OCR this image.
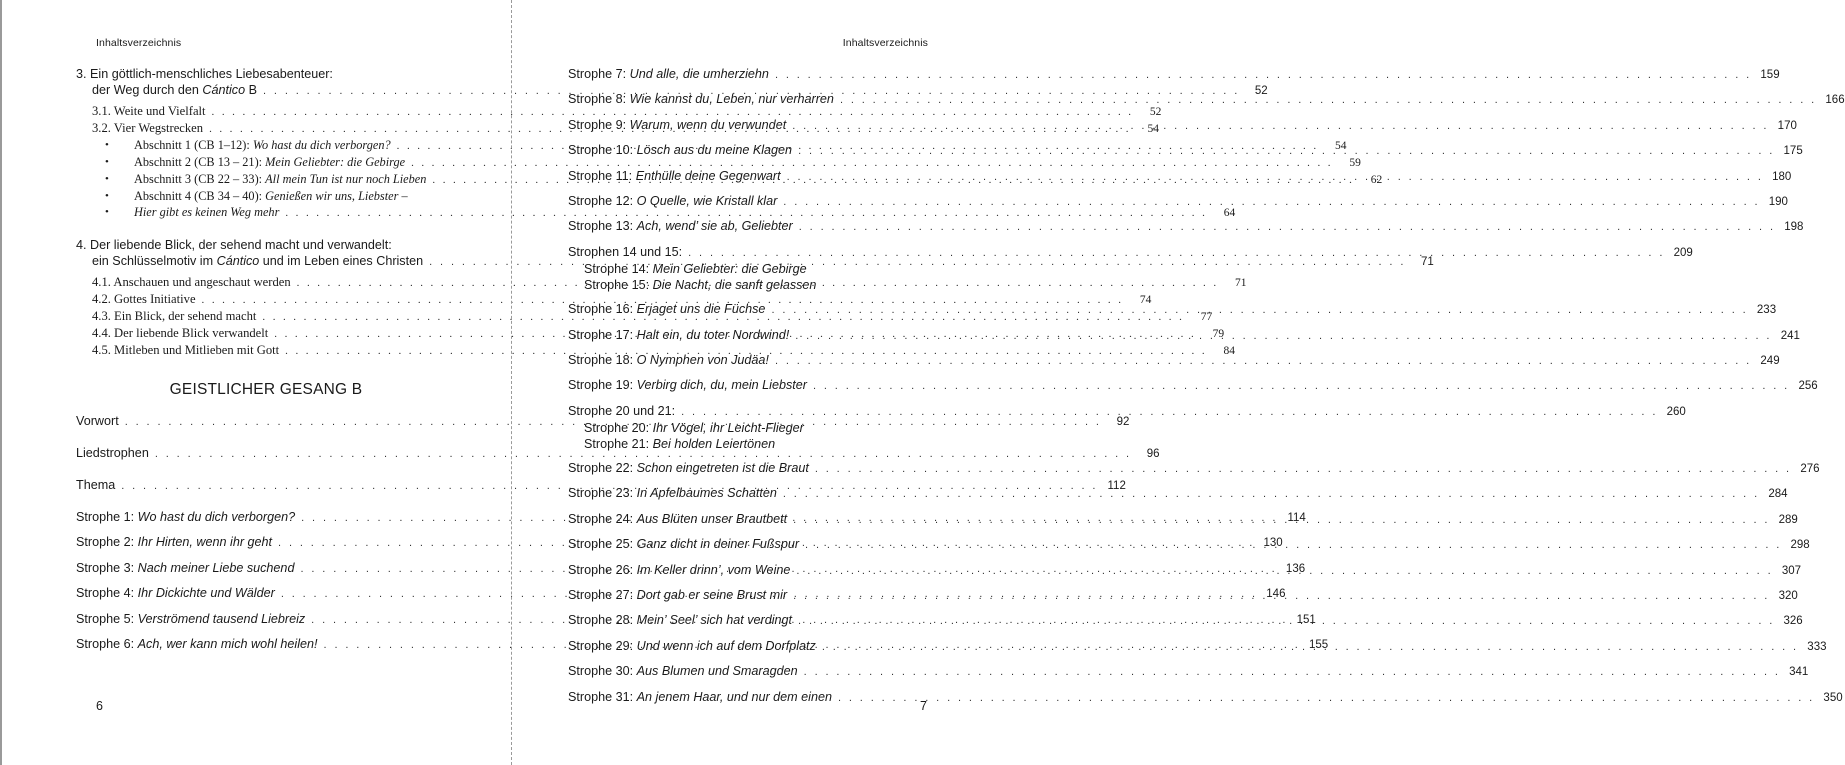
Inhaltsverzeichnis
3. Ein göttlich-menschliches Liebesabenteuer:
der Weg durch den Cántico B . . .	52
3.1. Weite und Vielfalt . . .	52
3.2. Vier Wegstrecken . . .	54
• Abschnitt 1 (CB 1–12): Wo hast du dich verborgen? . . .	54
• Abschnitt 2 (CB 13 – 21): Mein Geliebter: die Gebirge . . .	59
• Abschnitt 3 (CB 22 – 33): All mein Tun ist nur noch Lieben . . .	62
• Abschnitt 4 (CB 34 – 40): Genießen wir uns, Liebster –
• Hier gibt es keinen Weg mehr . . .	64
4. Der liebende Blick, der sehend macht und verwandelt:
ein Schlüsselmotiv im Cántico und im Leben eines Christen . . .	71
4.1. Anschauen und angeschaut werden . . .	71
4.2. Gottes Initiative . . .	74
4.3. Ein Blick, der sehend macht . . .	77
4.4. Der liebende Blick verwandelt . . .	79
4.5. Mitleben und Mitlieben mit Gott . . .	84
GEISTLICHER GESANG B
Vorwort . . .	92
Liedstrophen . . .	96
Thema . . .	112
Strophe 1: Wo hast du dich verborgen? . . .	114
Strophe 2: Ihr Hirten, wenn ihr geht . . .	130
Strophe 3: Nach meiner Liebe suchend . . .	136
Strophe 4: Ihr Dickichte und Wälder . . .	146
Strophe 5: Verströmend tausend Liebreiz . . .	151
Strophe 6: Ach, wer kann mich wohl heilen! . . .	155
6
Inhaltsverzeichnis
Strophe 7: Und alle, die umherziehn . . .	159
Strophe 8: Wie kannst du, Leben, nur verharren . . .	166
Strophe 9: Warum, wenn du verwundet . . .	170
Strophe 10: Lösch aus du meine Klagen . . .	175
Strophe 11: Enthülle deine Gegenwart . . .	180
Strophe 12: O Quelle, wie Kristall klar . . .	190
Strophe 13: Ach, wend’ sie ab, Geliebter . . .	198
Strophen 14 und 15: . . .	209
Strophe 14: Mein Geliebter: die Gebirge
Strophe 15: Die Nacht, die sanft gelassen
Strophe 16: Erjaget uns die Füchse . . .	233
Strophe 17: Halt ein, du toter Nordwind! . . .	241
Strophe 18: O Nymphen von Judäa! . . .	249
Strophe 19: Verbirg dich, du, mein Liebster . . .	256
Strophe 20 und 21: . . .	260
Strophe 20: Ihr Vögel, ihr Leicht-Flieger
Strophe 21: Bei holden Leiertönen
Strophe 22: Schon eingetreten ist die Braut . . .	276
Strophe 23: In Apfelbaumes Schatten . . .	284
Strophe 24: Aus Blüten unser Brautbett . . .	289
Strophe 25: Ganz dicht in deiner Fußspur . . .	298
Strophe 26: Im Keller drinn’, vom Weine . . .	307
Strophe 27: Dort gab er seine Brust mir . . .	320
Strophe 28: Mein’ Seel’ sich hat verdingt . . .	326
Strophe 29: Und wenn ich auf dem Dorfplatz . . .	333
Strophe 30: Aus Blumen und Smaragden . . .	341
Strophe 31: An jenem Haar, und nur dem einen . . .	350
7
